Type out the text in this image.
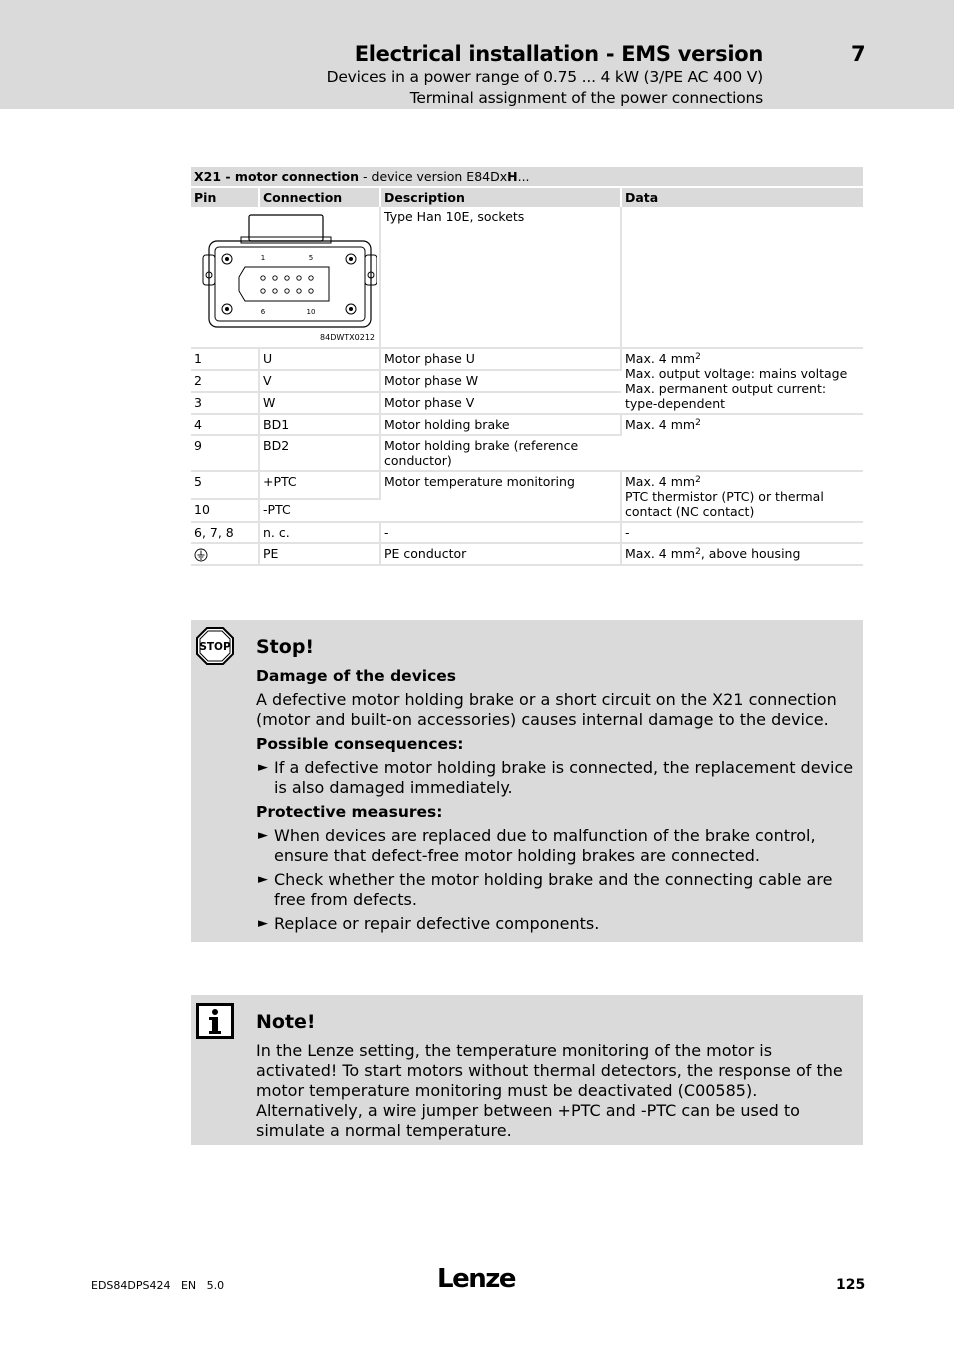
Electrical installation - EMS version	7
Devices in a power range of 0.75 ... 4 kW (3/PE AC 400 V)
Terminal assignment of the power connections
X21 - motor connection - device version E84DxH...			
Pin	Connection	Description	Data

1 5
6 10
84DWTX0212		Type Han 10E, sockets	
1	U	Motor phase U	Max. 4 $mm^2$
Max. output voltage: mains voltage
Max. permanent output current: type-dependent

2	V	Motor phase W	
3	W	Motor phase V	
4	BD1	Motor holding brake	Max. 4 $mm^2$
9	BD2	Motor holding brake (reference conductor)	
5	+PTC	Motor temperature monitoring	Max. 4 $mm^2$
PTC thermistor (PTC) or thermal contact (NC contact)

10	-PTC		
6, 7, 8	n. c.	-	-
	PE	PE conductor	Max. 4 $mm^2$, above housing
STOP Stop!
Damage of the devices
A defective motor holding brake or a short circuit on the X21 connection (motor and built-on accessories) causes internal damage to the device.
Possible consequences:
► If a defective motor holding brake is connected, the replacement device is also damaged immediately.
Protective measures:
► When devices are replaced due to malfunction of the brake control, ensure that defect-free motor holding brakes are connected.
► Check whether the motor holding brake and the connecting cable are free from defects.
► Replace or repair defective components.
Note!
In the Lenze setting, the temperature monitoring of the motor is activated! To start motors without thermal detectors, the response of the motor temperature monitoring must be deactivated (C00585). Alternatively, a wire jumper between +PTC and -PTC can be used to simulate a normal temperature.
EDS84DPS424   EN   5.0	Lenze	125
